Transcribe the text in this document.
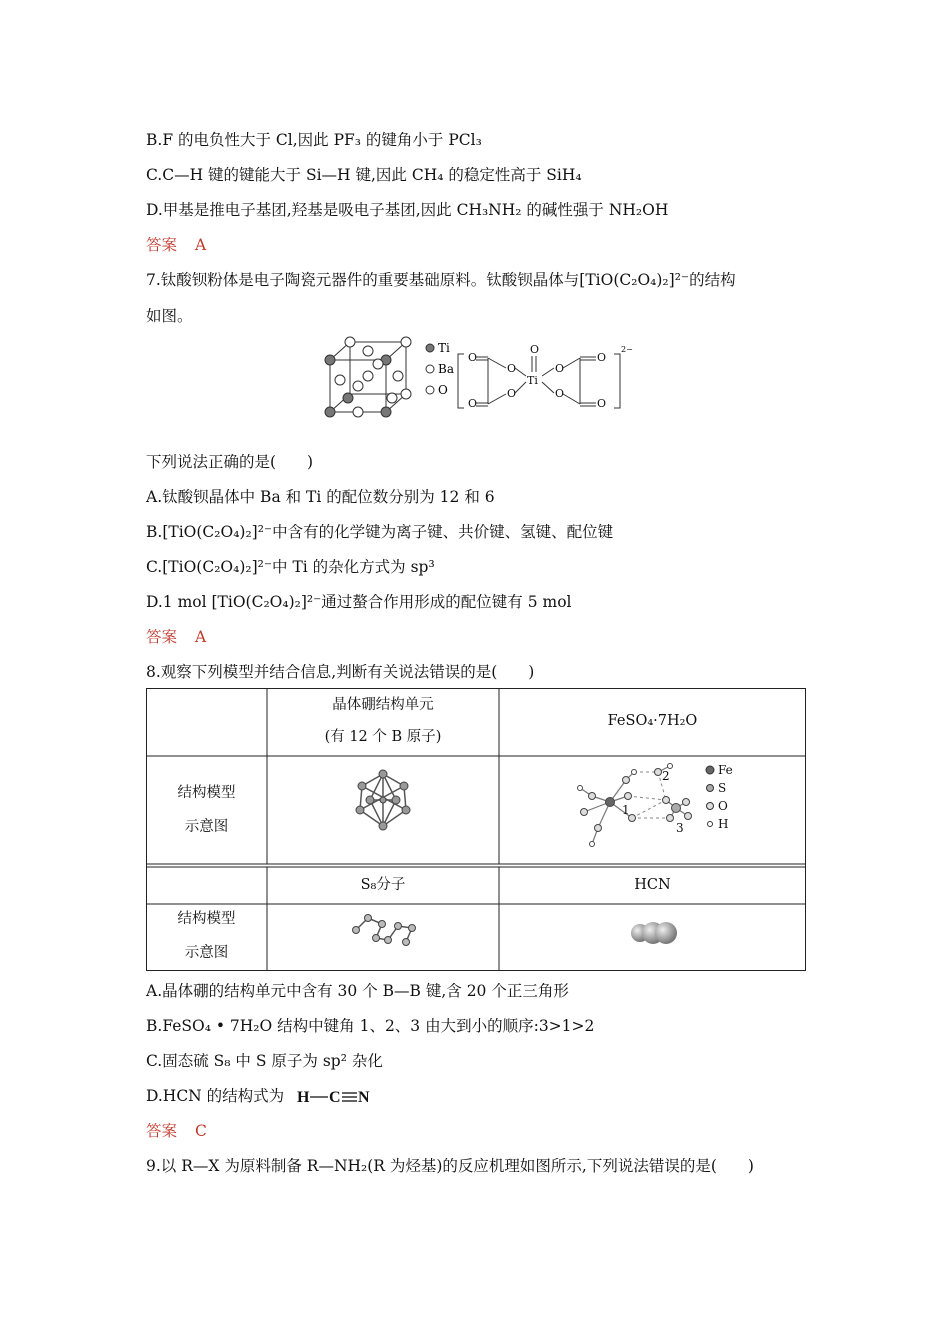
B.F 的电负性大于 Cl,因此 PF₃ 的键角小于 PCl₃
C.C—H 键的键能大于 Si—H 键,因此 CH₄ 的稳定性高于 SiH₄
D.甲基是推电子基团,羟基是吸电子基团,因此 CH₃NH₂ 的碱性强于 NH₂OH
答案 A
7.钛酸钡粉体是电子陶瓷元器件的重要基础原料。钛酸钡晶体与[TiO(C₂O₄)₂]²⁻的结构
如图。
Ti
Ba
O
O
O
O
O
O
Ti
O
O
O
O
2−
下列说法正确的是(　　)
A.钛酸钡晶体中 Ba 和 Ti 的配位数分别为 12 和 6
B.[TiO(C₂O₄)₂]²⁻中含有的化学键为离子键、共价键、氢键、配位键
C.[TiO(C₂O₄)₂]²⁻中 Ti 的杂化方式为 sp³
D.1 mol [TiO(C₂O₄)₂]²⁻通过螯合作用形成的配位键有 5 mol
答案 A
8.观察下列模型并结合信息,判断有关说法错误的是(　　)
晶体硼结构单元
(有 12 个 B 原子)
FeSO₄·7H₂O
结构模型
示意图
1
2
3
Fe
S
O
H
S₈分子	HCN
结构模型
示意图
A.晶体硼的结构单元中含有 30 个 B—B 键,含 20 个正三角形
B.FeSO₄ • 7H₂O 结构中键角 1、2、3 由大到小的顺序:3>1>2
C.固态硫 S₈ 中 S 原子为 sp² 杂化
D.HCN 的结构式为 H C N
答案 C
9.以 R—X 为原料制备 R—NH₂(R 为烃基)的反应机理如图所示,下列说法错误的是(　　)
